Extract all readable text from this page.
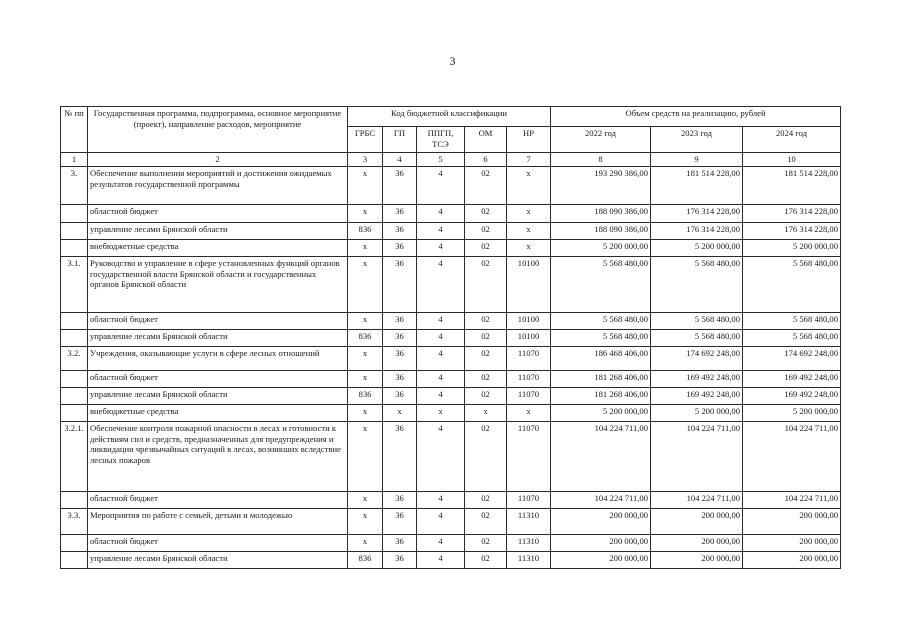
3
№ пп	Государственная программа, подпрограмма, основное мероприятие (проект), направление расходов, мероприятие	Код бюджетной классификации					Объем средств на реализацию, рублей		
		ГРБС	ГП	ППГП, ТСЭ	ОМ	НР	2022 год	2023 год	2024 год
1	2	3	4	5	6	7	8	9	10
3.	Обеспечение выполнения мероприятий и достижения ожидаемых результатов государственной программы	х	36	4	02	х	193 290 386,00	181 514 228,00	181 514 228,00
	областной бюджет	х	36	4	02	х	188 090 386,00	176 314 228,00	176 314 228,00
	управление лесами Брянской области	836	36	4	02	х	188 090 386,00	176 314 228,00	176 314 228,00
	внебюджетные средства	х	36	4	02	х	5 200 000,00	5 200 000,00	5 200 000,00
3.1.	Руководство и управление в сфере установленных функций органов государственной власти Брянской области и государственных органов Брянской области	х	36	4	02	10100	5 568 480,00	5 568 480,00	5 568 480,00
	областной бюджет	х	36	4	02	10100	5 568 480,00	5 568 480,00	5 568 480,00
	управление лесами Брянской области	836	36	4	02	10100	5 568 480,00	5 568 480,00	5 568 480,00
3.2.	Учреждения, оказывающие услуги в сфере лесных отношений	х	36	4	02	11070	186 468 406,00	174 692 248,00	174 692 248,00
	областной бюджет	х	36	4	02	11070	181 268 406,00	169 492 248,00	169 492 248,00
	управление лесами Брянской области	836	36	4	02	11070	181 268 406,00	169 492 248,00	169 492 248,00
	внебюджетные средства	х	х	х	х	х	5 200 000,00	5 200 000,00	5 200 000,00
3.2.1.	Обеспечение контроля пожарной опасности в лесах и готовности к действиям сил и средств, предназначенных для предупреждения и ликвидации чрезвычайных ситуаций в лесах, возникших вследствие лесных пожаров	х	36	4	02	11070	104 224 711,00	104 224 711,00	104 224 711,00
	областной бюджет	х	36	4	02	11070	104 224 711,00	104 224 711,00	104 224 711,00
3.3.	Мероприятия по работе с семьей, детьми и молодежью	х	36	4	02	11310	200 000,00	200 000,00	200 000,00
	областной бюджет	х	36	4	02	11310	200 000,00	200 000,00	200 000,00
	управление лесами Брянской области	836	36	4	02	11310	200 000,00	200 000,00	200 000,00
